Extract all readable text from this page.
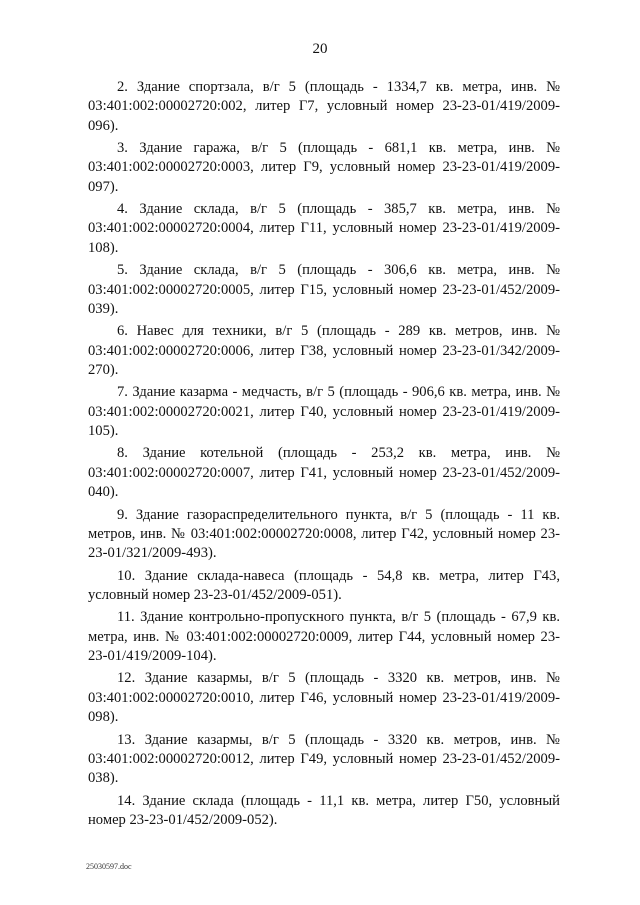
20

2. Здание спортзала, в/г 5 (площадь - 1334,7 кв. метра, инв. № 03:401:002:00002720:002, литер Г7, условный номер 23-23-01/419/2009-096).

3. Здание гаража, в/г 5 (площадь - 681,1 кв. метра, инв. № 03:401:002:00002720:0003, литер Г9, условный номер 23-23-01/419/2009-097).

4. Здание склада, в/г 5 (площадь - 385,7 кв. метра, инв. № 03:401:002:00002720:0004, литер Г11, условный номер 23-23-01/419/2009-108).

5. Здание склада, в/г 5 (площадь - 306,6 кв. метра, инв. № 03:401:002:00002720:0005, литер Г15, условный номер 23-23-01/452/2009-039).

6. Навес для техники, в/г 5 (площадь - 289 кв. метров, инв. № 03:401:002:00002720:0006, литер Г38, условный номер 23-23-01/342/2009-270).

7. Здание казарма - медчасть, в/г 5 (площадь - 906,6 кв. метра, инв. № 03:401:002:00002720:0021, литер Г40, условный номер 23-23-01/419/2009-105).

8. Здание котельной (площадь - 253,2 кв. метра, инв. № 03:401:002:00002720:0007, литер Г41, условный номер 23-23-01/452/2009-040).

9. Здание газораспределительного пункта, в/г 5 (площадь - 11 кв. метров, инв. № 03:401:002:00002720:0008, литер Г42, условный номер 23-23-01/321/2009-493).

10. Здание склада-навеса (площадь - 54,8 кв. метра, литер Г43, условный номер 23-23-01/452/2009-051).

11. Здание контрольно-пропускного пункта, в/г 5 (площадь - 67,9 кв. метра, инв. № 03:401:002:00002720:0009, литер Г44, условный номер 23-23-01/419/2009-104).

12. Здание казармы, в/г 5 (площадь - 3320 кв. метров, инв. № 03:401:002:00002720:0010, литер Г46, условный номер 23-23-01/419/2009-098).

13. Здание казармы, в/г 5 (площадь - 3320 кв. метров, инв. № 03:401:002:00002720:0012, литер Г49, условный номер 23-23-01/452/2009-038).

14. Здание склада (площадь - 11,1 кв. метра, литер Г50, условный номер 23-23-01/452/2009-052).

25030597.doc
